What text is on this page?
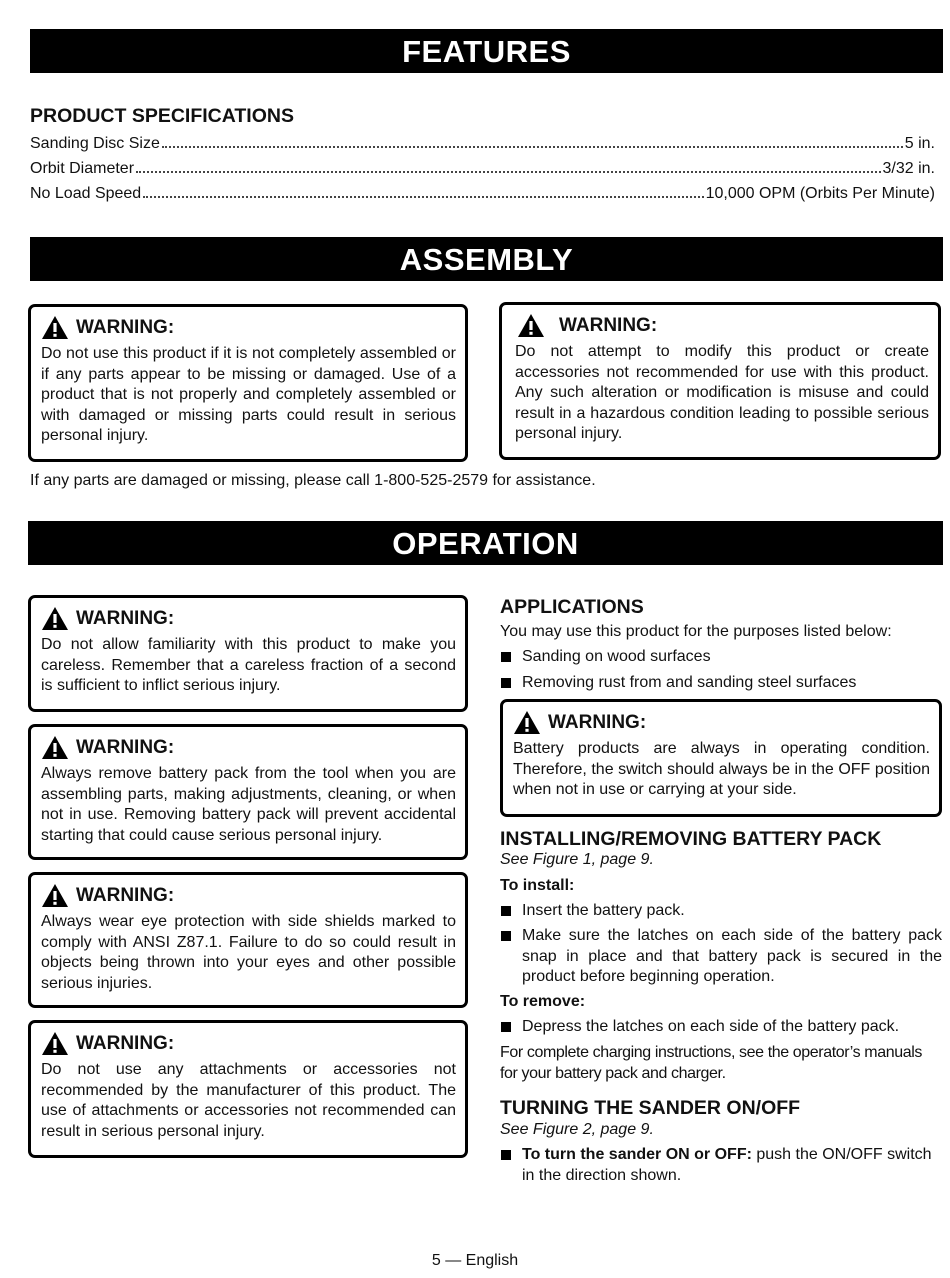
FEATURES
PRODUCT SPECIFICATIONS
Sanding Disc Size	5 in.
Orbit Diameter	3/32 in.
No Load Speed	10,000 OPM (Orbits Per Minute)
ASSEMBLY
WARNING:
Do not use this product if it is not completely assembled or if any parts appear to be missing or damaged. Use of a product that is not properly and completely assembled or with damaged or missing parts could result in serious personal injury.
WARNING:
Do not attempt to modify this product or create accessories not recommended for use with this product. Any such alteration or modification is misuse and could result in a hazardous condition leading to possible serious personal injury.
If any parts are damaged or missing, please call 1-800-525-2579 for assistance.
OPERATION
WARNING:
Do not allow familiarity with this product to make you careless. Remember that a careless fraction of a second is sufficient to inflict serious injury.
WARNING:
Always remove battery pack from the tool when you are assembling parts, making adjustments, cleaning, or when not in use. Removing battery pack will prevent accidental starting that could cause serious personal injury.
WARNING:
Always wear eye protection with side shields marked to comply with ANSI Z87.1. Failure to do so could result in objects being thrown into your eyes and other possible serious injuries.
WARNING:
Do not use any attachments or accessories not recommended by the manufacturer of this product. The use of attachments or accessories not recommended can result in serious personal injury.
APPLICATIONS
You may use this product for the purposes listed below:
Sanding on wood surfaces
Removing rust from and sanding steel surfaces
WARNING:
Battery products are always in operating condition. Therefore, the switch should always be in the OFF position when not in use or carrying at your side.
INSTALLING/REMOVING BATTERY PACK
See Figure 1, page 9.
To install:
Insert the battery pack.
Make sure the latches on each side of the battery pack snap in place and that battery pack is secured in the product before beginning operation.
To remove:
Depress the latches on each side of the battery pack.
For complete charging instructions, see the operator’s manuals for your battery pack and charger.
TURNING THE SANDER ON/OFF
See Figure 2, page 9.
To turn the sander ON or OFF: push the ON/OFF switch in the direction shown.
5 — English
